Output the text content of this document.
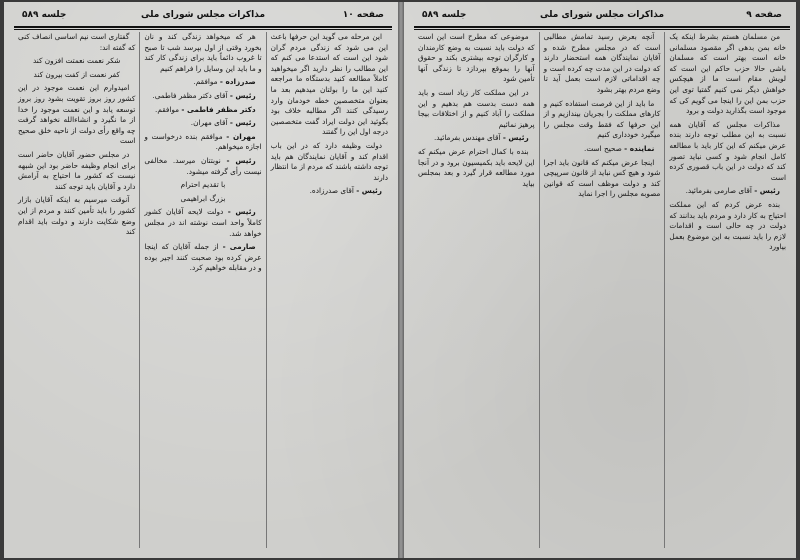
صفحه ۹
مذاکرات مجلس شورای ملی
جلسه ۵۸۹

من مسلمان هستم بشرط اینکه یک خانه بمن بدهی اگر مقصود مسلمانی خانه است بهتر است که مسلمان باشی حالا حزب حاکم این است که لویش مقام است ما از هیچکس خواهش دیگر نمی کنیم گفتیا توی این حزب بمن این را اینجا می گویم کی که موجود است بگذارید دولت و برود

مذاکرات مجلس که آقایان همه نسبت به این مطلب توجه دارند بنده عرض میکنم که این کار باید با مطالعه کامل انجام شود و کسی نباید تصور کند که دولت در این باب قصوری کرده است

رئیس - آقای صارمی بفرمائید.

بنده عرض کردم که این مملکت احتیاج به کار دارد و مردم باید بدانند که دولت در چه حالی است و اقدامات لازم را باید نسبت به این موضوع بعمل بیاورد

آنچه بعرض رسید تمامش مطالبی است که در مجلس مطرح شده و آقایان نمایندگان همه استحضار دارند که دولت در این مدت چه کرده است و چه اقداماتی لازم است بعمل آید تا وضع مردم بهتر بشود

ما باید از این فرصت استفاده کنیم و کارهای مملکت را بجریان بیندازیم و از این حرفها که فقط وقت مجلس را میگیرد خودداری کنیم

نماینده - صحیح است.

اینجا عرض میکنم که قانون باید اجرا شود و هیچ کس نباید از قانون سرپیچی کند و دولت موظف است که قوانین مصوبه مجلس را اجرا نماید

موضوعی که مطرح است این است که دولت باید نسبت به وضع کارمندان و کارگران توجه بیشتری بکند و حقوق آنها را بموقع بپردازد تا زندگی آنها تأمین شود

در این مملکت کار زیاد است و باید همه دست بدست هم بدهیم و این مملکت را آباد کنیم و از اختلافات بیجا پرهیز نمائیم

رئیس - آقای مهندس بفرمائید.

بنده با کمال احترام عرض میکنم که این لایحه باید بکمیسیون برود و در آنجا مورد مطالعه قرار گیرد و بعد بمجلس بیاید

صفحه ۱۰
مذاکرات مجلس شورای ملی
جلسه ۵۸۹

این مرحله می گوید این حرفها باعث این می شود که زندگی مردم گران شود این است که استدعا می کنم که این مطالب را نظر دارید اگر میخواهید کاملاً مطالعه کنید بدستگاه ما مراجعه کنید این ما را بولتان میدهیم بعد ما بعنوان متخصصین خطه خودمان وارد رسیدگی کنند اگر مطالبه خلاف بود بگوئید این دولت ایراد گفت متخصصین درجه اول این را گفتند

دولت وظیفه دارد که در این باب اقدام کند و آقایان نمایندگان هم باید توجه داشته باشند که مردم از ما انتظار دارند

رئیس - آقای صدرزاده.

هر که میخواهد زندگی کند و نان بخورد وقتی از اول بپرسد شب تا صبح تا غروب دائماً باید برای زندگی کار کند و ما باید این وسایل را فراهم کنیم

صدرزاده - موافقم.

رئیس - آقای دکتر مظفر فاطمی.

دکتر مظفر فاطمی - موافقم.

رئیس - آقای مهران.

مهران - موافقم بنده درخواست و اجازه میخواهم.

رئیس - نوبتتان میرسد. مخالفی نیست رأی گرفته میشود.

با تقدیم احترام

بزرگ ابراهیمی

رئیس - دولت لایحه آقایان کشور کاملاً واحد است نوشته اند در مجلس خواهد شد.

صارمی - از جمله آقایان که اینجا عرض کرده بود صحبت کنند اجیر بوده و در مقابله خواهیم کرد.

گفتاری است نیم اساسی انصاف کنی که گفته اند:

شکر نعمت نعمتت افزون کند

کفر نعمت از کفت بیرون کند

امیدوارم این نعمت موجود در این کشور روز بروز تقویت بشود روز بروز توسعه یابد و این نعمت موجود را خدا از ما نگیرد و انشاءالله نخواهد گرفت چه واقع رأی دولت از ناحیه خلق صحیح است

در مجلس حضور آقایان حاضر است برای انجام وظیفه حاضر بود این شبهه نیست که کشور ما احتیاج به آرامش دارد و آقایان باید توجه کنند

آنوقت میرسیم به اینکه آقایان بازار کشور را باید تأمین کنند و مردم از این وضع شکایت دارند و دولت باید اقدام کند
